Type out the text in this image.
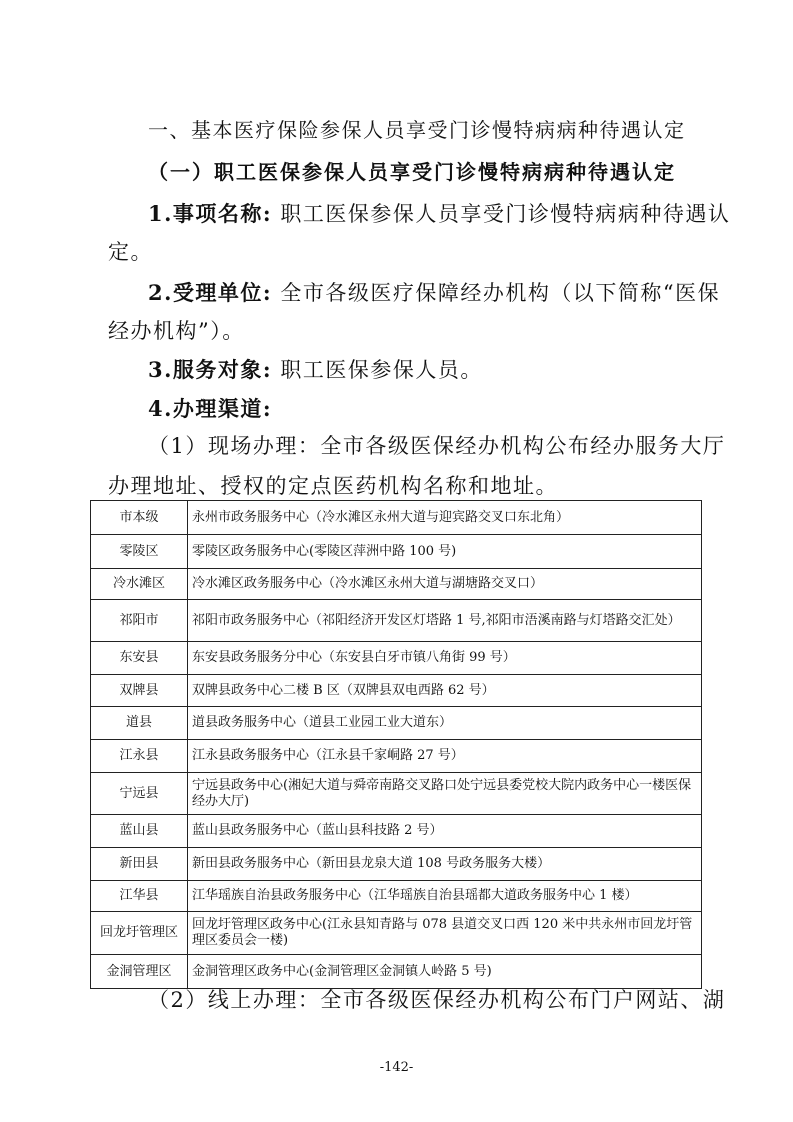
一、基本医疗保险参保人员享受门诊慢特病病种待遇认定
（一）职工医保参保人员享受门诊慢特病病种待遇认定
1.事项名称: 职工医保参保人员享受门诊慢特病病种待遇认
定。
2.受理单位: 全市各级医疗保障经办机构（以下简称“医保
经办机构”）。
3.服务对象: 职工医保参保人员。
4.办理渠道:
（1）现场办理：全市各级医保经办机构公布经办服务大厅
办理地址、授权的定点医药机构名称和地址。
市本级	永州市政务服务中心（冷水滩区永州大道与迎宾路交叉口东北角）
零陵区	零陵区政务服务中心(零陵区萍洲中路 100 号)
冷水滩区	冷水滩区政务服务中心（冷水滩区永州大道与湖塘路交叉口）
祁阳市	祁阳市政务服务中心（祁阳经济开发区灯塔路 1 号,祁阳市浯溪南路与灯塔路交汇处）
东安县	东安县政务服务分中心（东安县白牙市镇八角街 99 号）
双牌县	双牌县政务中心二楼 B 区（双牌县双电西路 62 号）
道县	道县政务服务中心（道县工业园工业大道东）
江永县	江永县政务服务中心（江永县千家峒路 27 号）
宁远县	宁远县政务中心(湘妃大道与舜帝南路交叉路口处宁远县委党校大院内政务中心一楼医保经办大厅)
蓝山县	蓝山县政务服务中心（蓝山县科技路 2 号）
新田县	新田县政务服务中心（新田县龙泉大道 108 号政务服务大楼）
江华县	江华瑶族自治县政务服务中心（江华瑶族自治县瑶都大道政务服务中心 1 楼）
回龙圩管理区	回龙圩管理区政务中心(江永县知青路与 078 县道交叉口西 120 米中共永州市回龙圩管理区委员会一楼)
金洞管理区	金洞管理区政务中心(金洞管理区金洞镇人岭路 5 号)
（2）线上办理：全市各级医保经办机构公布门户网站、湖
-142-
